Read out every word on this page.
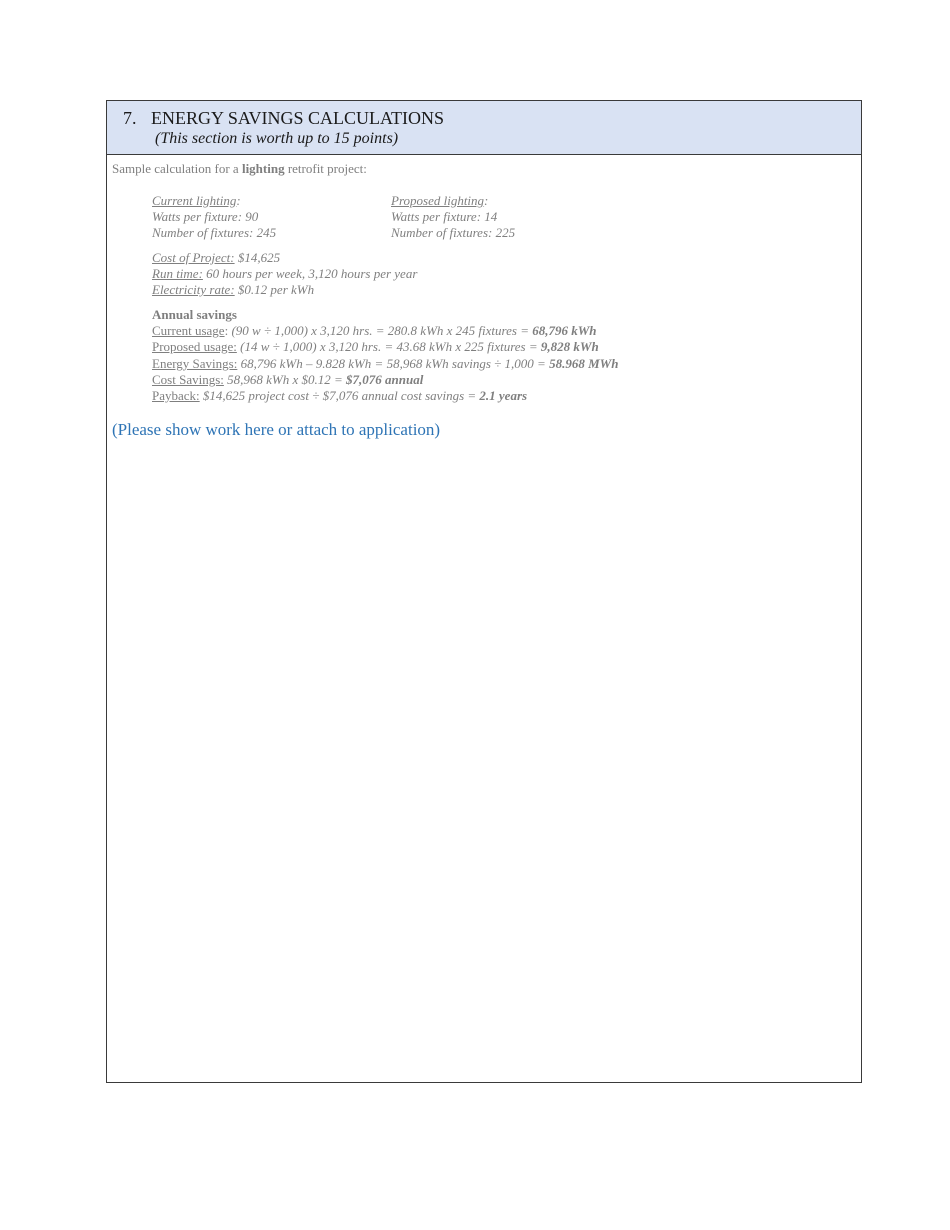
7. ENERGY SAVINGS CALCULATIONS
(This section is worth up to 15 points)
Sample calculation for a lighting retrofit project:
Current lighting:
Watts per fixture: 90
Number of fixtures: 245
Proposed lighting:
Watts per fixture: 14
Number of fixtures: 225
Cost of Project: $14,625
Run time: 60 hours per week, 3,120 hours per year
Electricity rate: $0.12 per kWh
Annual savings
Current usage: (90 w ÷ 1,000) x 3,120 hrs. = 280.8 kWh x 245 fixtures = 68,796 kWh
Proposed usage: (14 w ÷ 1,000) x 3,120 hrs. = 43.68 kWh x 225 fixtures = 9,828 kWh
Energy Savings: 68,796 kWh – 9.828 kWh = 58,968 kWh savings ÷ 1,000 = 58.968 MWh
Cost Savings: 58,968 kWh x $0.12 = $7,076 annual
Payback: $14,625 project cost ÷ $7,076 annual cost savings = 2.1 years
(Please show work here or attach to application)
